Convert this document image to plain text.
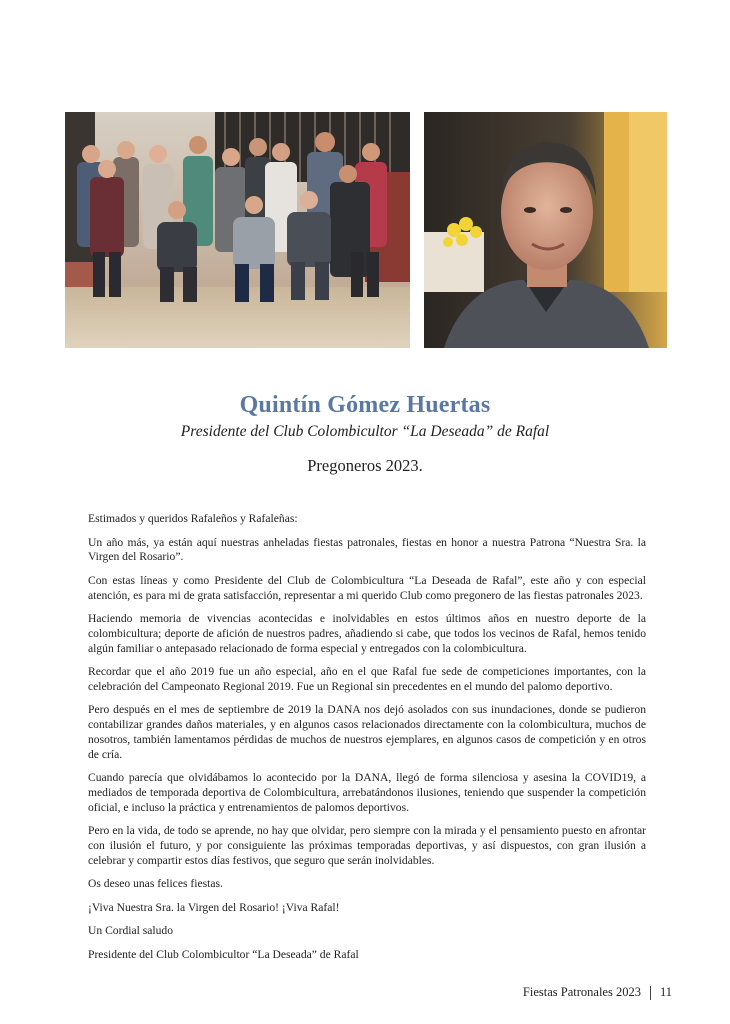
Quintín Gómez Huertas
Presidente del Club Colombicultor “La Deseada” de Rafal
Pregoneros 2023.

Estimados y queridos Rafaleños y Rafaleñas:

Un año más, ya están aquí nuestras anheladas fiestas patronales, fiestas en honor a nuestra Patrona “Nuestra Sra. la Virgen del Rosario”.

Con estas líneas y como Presidente del Club de Colombicultura “La Deseada de Rafal”, este año y con especial atención, es para mi de grata satisfacción, representar a mi querido Club como pregonero de las fiestas patronales 2023.

Haciendo memoria de vivencias acontecidas e inolvidables en estos últimos años en nuestro deporte de la colombicultura; deporte de afición de nuestros padres, añadiendo si cabe, que todos los vecinos de Rafal, hemos tenido algún familiar o antepasado relacionado de forma especial y entregados con la colombicultura.

Recordar que el año 2019 fue un año especial, año en el que Rafal fue sede de competiciones importantes, con la celebración del Campeonato Regional 2019. Fue un Regional sin precedentes en el mundo del palomo deportivo.

Pero después en el mes de septiembre de 2019 la DANA nos dejó asolados con sus inundaciones, donde se pudieron contabilizar grandes daños materiales, y en algunos casos relacionados directamente con la colombicultura, muchos de nosotros, también lamentamos pérdidas de muchos de nuestros ejemplares, en algunos casos de competición y en otros de cría.

Cuando parecía que olvidábamos lo acontecido por la DANA, llegó de forma silenciosa y asesina la COVID19, a mediados de temporada deportiva de Colombicultura, arrebatándonos ilusiones, teniendo que suspender la competición oficial, e incluso la práctica y entrenamientos de palomos deportivos.

Pero en la vida, de todo se aprende, no hay que olvidar, pero siempre con la mirada y el pensamiento puesto en afrontar con ilusión el futuro, y por consiguiente las próximas temporadas deportivas, y así dispuestos, con gran ilusión a celebrar y compartir estos días festivos, que seguro que serán inolvidables.

Os deseo unas felices fiestas.

¡Viva Nuestra Sra. la Virgen del Rosario! ¡Viva Rafal!

Un Cordial saludo

Presidente del Club Colombicultor “La Deseada” de Rafal

Fiestas Patronales 2023 11
